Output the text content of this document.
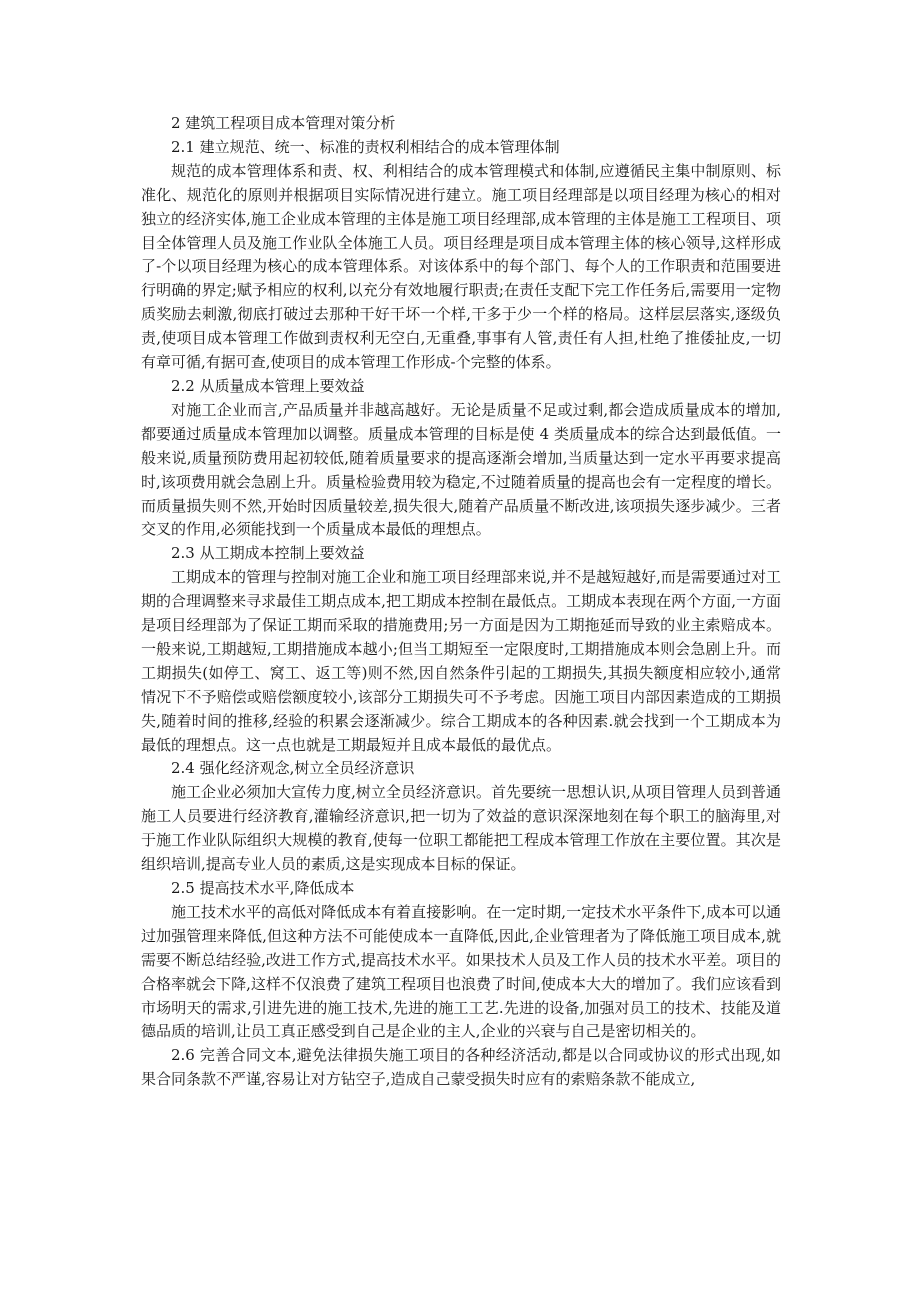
2 建筑工程项目成本管理对策分析

2.1 建立规范、统一、标准的责权利相结合的成本管理体制

规范的成本管理体系和责、权、利相结合的成本管理模式和体制,应遵循民主集中制原则、标准化、规范化的原则并根据项目实际情况进行建立。施工项目经理部是以项目经理为核心的相对独立的经济实体,施工企业成本管理的主体是施工项目经理部,成本管理的主体是施工工程项目、项目全体管理人员及施工作业队全体施工人员。项目经理是项目成本管理主体的核心领导,这样形成了-个以项目经理为核心的成本管理体系。对该体系中的每个部门、每个人的工作职责和范围要进行明确的界定;赋予相应的权利,以充分有效地履行职责;在责任支配下完工作任务后,需要用一定物质奖励去刺激,彻底打破过去那种干好干坏一个样,干多于少一个样的格局。这样层层落实,逐级负责,使项目成本管理工作做到责权利无空白,无重叠,事事有人管,责任有人担,杜绝了推倭扯皮,一切有章可循,有据可查,使项目的成本管理工作形成-个完整的体系。

2.2 从质量成本管理上要效益

对施工企业而言,产品质量并非越高越好。无论是质量不足或过剩,都会造成质量成本的增加,都要通过质量成本管理加以调整。质量成本管理的目标是使 4 类质量成本的综合达到最低值。一般来说,质量预防费用起初较低,随着质量要求的提高逐渐会增加,当质量达到一定水平再要求提高时,该项费用就会急剧上升。质量检验费用较为稳定,不过随着质量的提高也会有一定程度的增长。而质量损失则不然,开始时因质量较差,损失很大,随着产品质量不断改进,该项损失逐步减少。三者交叉的作用,必须能找到一个质量成本最低的理想点。

2.3 从工期成本控制上要效益

工期成本的管理与控制对施工企业和施工项目经理部来说,并不是越短越好,而是需要通过对工期的合理调整来寻求最佳工期点成本,把工期成本控制在最低点。工期成本表现在两个方面,一方面是项目经理部为了保证工期而采取的措施费用;另一方面是因为工期拖延而导致的业主索赔成本。一般来说,工期越短,工期措施成本越小;但当工期短至一定限度时,工期措施成本则会急剧上升。而工期损失(如停工、窝工、返工等)则不然,因自然条件引起的工期损失,其损失额度相应较小,通常情况下不予赔偿或赔偿额度较小,该部分工期损失可不予考虑。因施工项目内部因素造成的工期损失,随着时间的推移,经验的积累会逐渐减少。综合工期成本的各种因素.就会找到一个工期成本为最低的理想点。这一点也就是工期最短并且成本最低的最优点。

2.4 强化经济观念,树立全员经济意识

施工企业必须加大宣传力度,树立全员经济意识。首先要统一思想认识,从项目管理人员到普通施工人员要进行经济教育,灌输经济意识,把一切为了效益的意识深深地刻在每个职工的脑海里,对于施工作业队际组织大规模的教育,使每一位职工都能把工程成本管理工作放在主要位置。其次是组织培训,提高专业人员的素质,这是实现成本目标的保证。

2.5 提高技术水平,降低成本

施工技术水平的高低对降低成本有着直接影响。在一定时期,一定技术水平条件下,成本可以通过加强管理来降低,但这种方法不可能使成本一直降低,因此,企业管理者为了降低施工项目成本,就需要不断总结经验,改进工作方式,提高技术水平。如果技术人员及工作人员的技术水平差。项目的合格率就会下降,这样不仅浪费了建筑工程项目也浪费了时间,使成本大大的增加了。我们应该看到市场明天的需求,引进先进的施工技术,先进的施工工艺.先进的设备,加强对员工的技术、技能及道德品质的培训,让员工真正感受到自己是企业的主人,企业的兴衰与自己是密切相关的。

2.6 完善合同文本,避免法律损失施工项目的各种经济活动,都是以合同或协议的形式出现,如果合同条款不严谨,容易让对方钻空子,造成自己蒙受损失时应有的索赔条款不能成立,
